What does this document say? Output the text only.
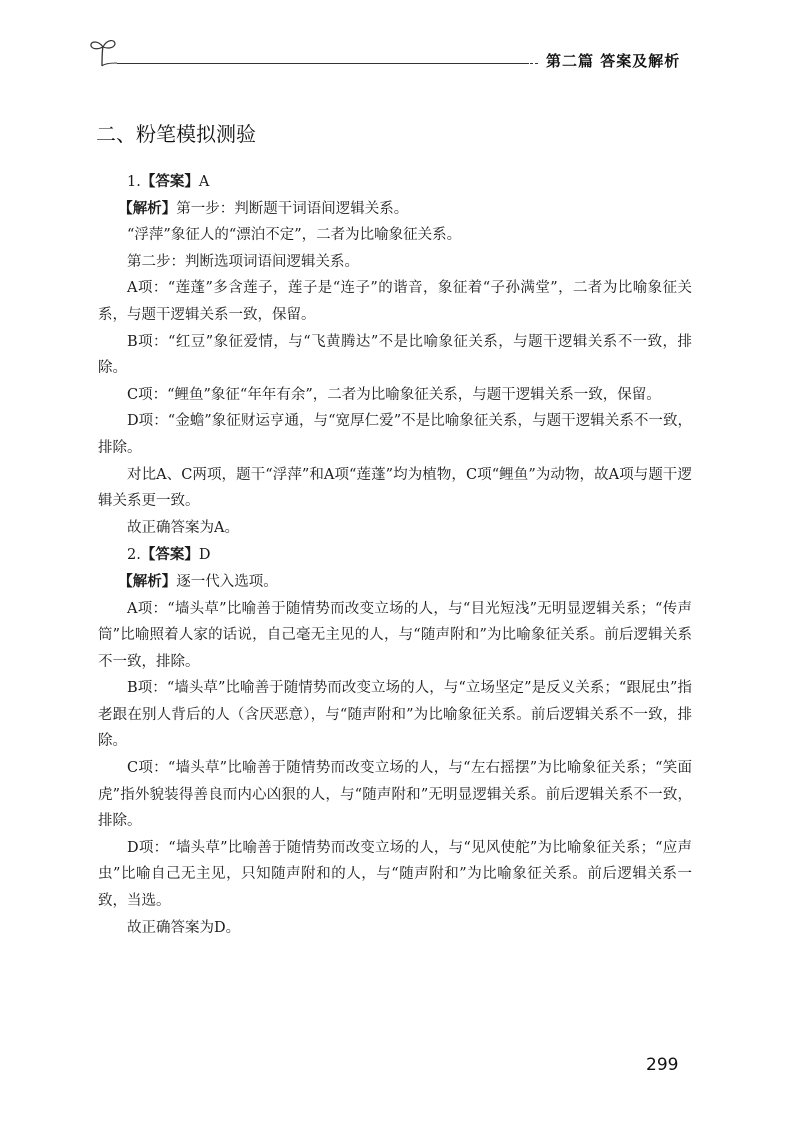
第二篇 答案及解析
二、粉笔模拟测验

1.【答案】A

【解析】第一步：判断题干词语间逻辑关系。

“浮萍”象征人的“漂泊不定”，二者为比喻象征关系。

第二步：判断选项词语间逻辑关系。

A项：“莲蓬”多含莲子，莲子是“连子”的谐音，象征着“子孙满堂”，二者为比喻象征关系，与题干逻辑关系一致，保留。

B项：“红豆”象征爱情，与“飞黄腾达”不是比喻象征关系，与题干逻辑关系不一致，排除。

C项：“鲤鱼”象征“年年有余”，二者为比喻象征关系，与题干逻辑关系一致，保留。

D项：“金蟾”象征财运亨通，与“宽厚仁爱”不是比喻象征关系，与题干逻辑关系不一致，排除。

对比A、C两项，题干“浮萍”和A项“莲蓬”均为植物，C项“鲤鱼”为动物，故A项与题干逻辑关系更一致。

故正确答案为A。

2.【答案】D

【解析】逐一代入选项。

A项：“墙头草”比喻善于随情势而改变立场的人，与“目光短浅”无明显逻辑关系；“传声筒”比喻照着人家的话说，自己毫无主见的人，与“随声附和”为比喻象征关系。前后逻辑关系不一致，排除。

B项：“墙头草”比喻善于随情势而改变立场的人，与“立场坚定”是反义关系；“跟屁虫”指老跟在别人背后的人（含厌恶意），与“随声附和”为比喻象征关系。前后逻辑关系不一致，排除。

C项：“墙头草”比喻善于随情势而改变立场的人，与“左右摇摆”为比喻象征关系；“笑面虎”指外貌装得善良而内心凶狠的人，与“随声附和”无明显逻辑关系。前后逻辑关系不一致，排除。

D项：“墙头草”比喻善于随情势而改变立场的人，与“见风使舵”为比喻象征关系；“应声虫”比喻自己无主见，只知随声附和的人，与“随声附和”为比喻象征关系。前后逻辑关系一致，当选。

故正确答案为D。

299
